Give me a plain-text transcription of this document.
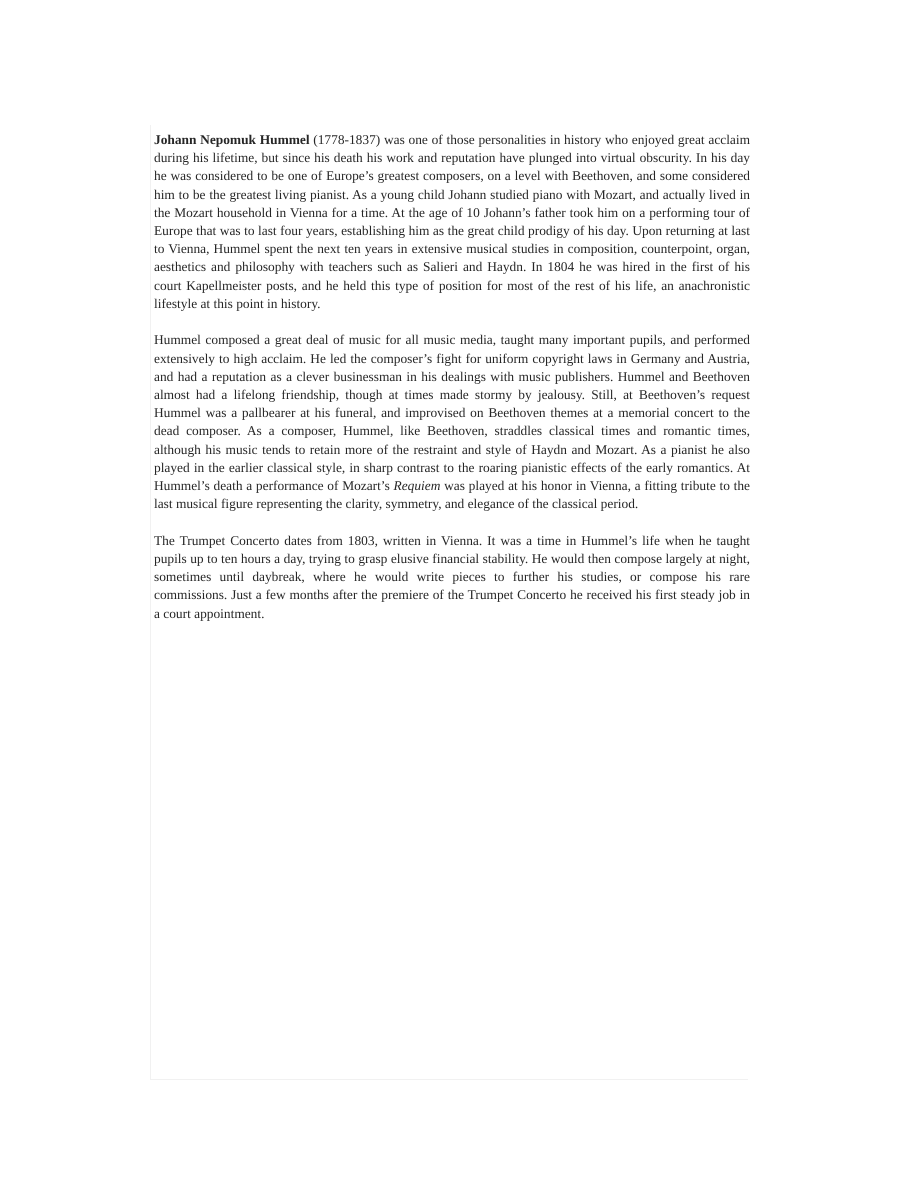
Johann Nepomuk Hummel (1778-1837) was one of those personalities in history who enjoyed great acclaim during his lifetime, but since his death his work and reputation have plunged into virtual obscurity. In his day he was considered to be one of Europe’s greatest composers, on a level with Beethoven, and some considered him to be the greatest living pianist. As a young child Johann studied piano with Mozart, and actually lived in the Mozart household in Vienna for a time. At the age of 10 Johann’s father took him on a performing tour of Europe that was to last four years, establishing him as the great child prodigy of his day. Upon returning at last to Vienna, Hummel spent the next ten years in extensive musical studies in composition, counterpoint, organ, aesthetics and philosophy with teachers such as Salieri and Haydn. In 1804 he was hired in the first of his court Kapellmeister posts, and he held this type of position for most of the rest of his life, an anachronistic lifestyle at this point in history.

Hummel composed a great deal of music for all music media, taught many important pupils, and performed extensively to high acclaim. He led the composer’s fight for uniform copyright laws in Germany and Austria, and had a reputation as a clever businessman in his dealings with music publishers. Hummel and Beethoven almost had a lifelong friendship, though at times made stormy by jealousy. Still, at Beethoven’s request Hummel was a pallbearer at his funeral, and improvised on Beethoven themes at a memorial concert to the dead composer. As a composer, Hummel, like Beethoven, straddles classical times and romantic times, although his music tends to retain more of the restraint and style of Haydn and Mozart. As a pianist he also played in the earlier classical style, in sharp contrast to the roaring pianistic effects of the early romantics. At Hummel’s death a performance of Mozart’s Requiem was played at his honor in Vienna, a fitting tribute to the last musical figure representing the clarity, symmetry, and elegance of the classical period.

The Trumpet Concerto dates from 1803, written in Vienna. It was a time in Hummel’s life when he taught pupils up to ten hours a day, trying to grasp elusive financial stability. He would then compose largely at night, sometimes until daybreak, where he would write pieces to further his studies, or compose his rare commissions. Just a few months after the premiere of the Trumpet Concerto he received his first steady job in a court appointment.
